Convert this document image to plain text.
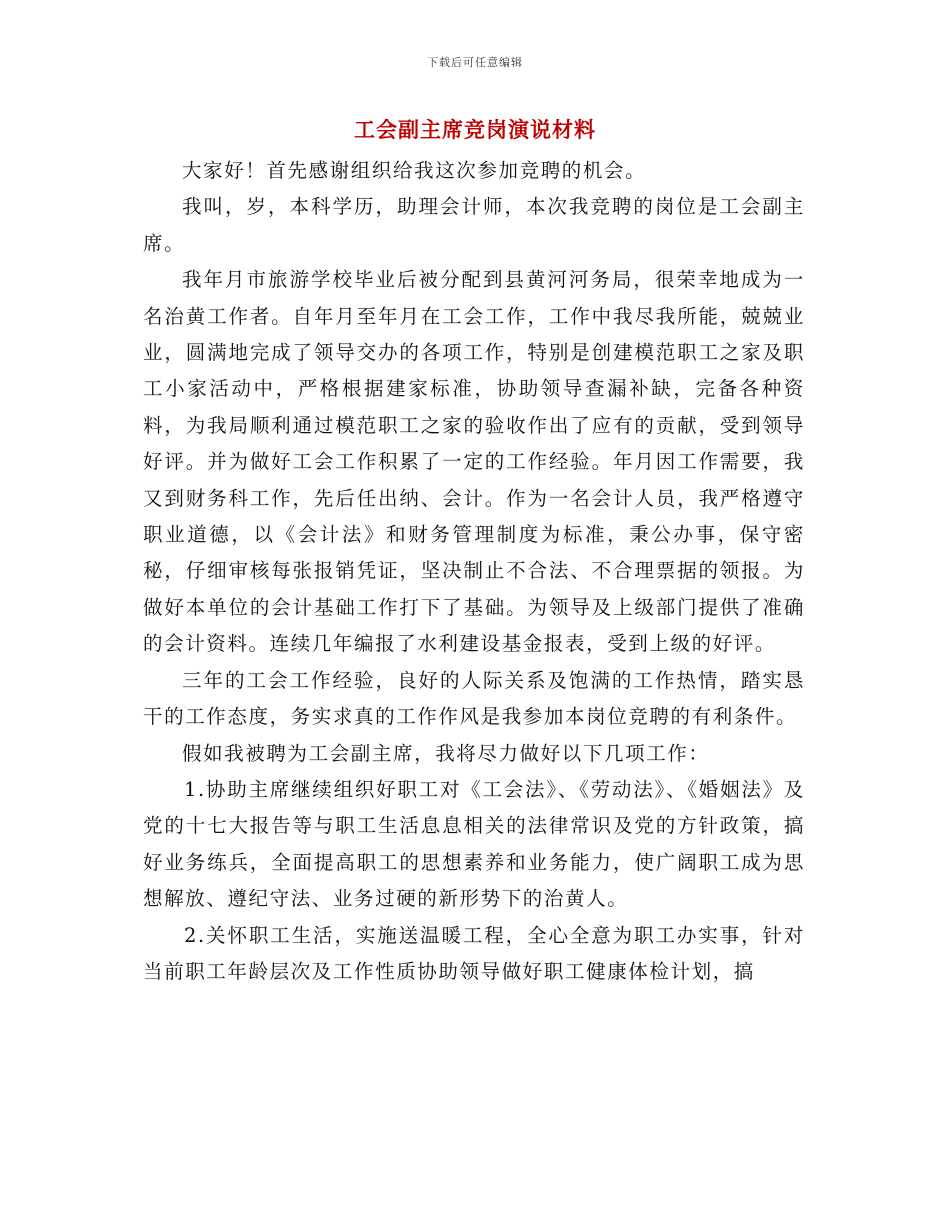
下载后可任意编辑
工会副主席竞岗演说材料

大家好！首先感谢组织给我这次参加竞聘的机会。

我叫，岁，本科学历，助理会计师，本次我竞聘的岗位是工会副主席。

我年月市旅游学校毕业后被分配到县黄河河务局，很荣幸地成为一名治黄工作者。自年月至年月在工会工作，工作中我尽我所能，兢兢业业，圆满地完成了领导交办的各项工作，特别是创建模范职工之家及职工小家活动中，严格根据建家标准，协助领导查漏补缺，完备各种资料，为我局顺利通过模范职工之家的验收作出了应有的贡献，受到领导好评。并为做好工会工作积累了一定的工作经验。年月因工作需要，我又到财务科工作，先后任出纳、会计。作为一名会计人员，我严格遵守职业道德，以《会计法》和财务管理制度为标准，秉公办事，保守密秘，仔细审核每张报销凭证，坚决制止不合法、不合理票据的领报。为做好本单位的会计基础工作打下了基础。为领导及上级部门提供了准确的会计资料。连续几年编报了水利建设基金报表，受到上级的好评。

三年的工会工作经验，良好的人际关系及饱满的工作热情，踏实恳干的工作态度，务实求真的工作作风是我参加本岗位竞聘的有利条件。

假如我被聘为工会副主席，我将尽力做好以下几项工作：

1.协助主席继续组织好职工对《工会法》、《劳动法》、《婚姻法》及党的十七大报告等与职工生活息息相关的法律常识及党的方针政策，搞好业务练兵，全面提高职工的思想素养和业务能力，使广阔职工成为思想解放、遵纪守法、业务过硬的新形势下的治黄人。

2.关怀职工生活，实施送温暖工程，全心全意为职工办实事，针对当前职工年龄层次及工作性质协助领导做好职工健康体检计划，搞
